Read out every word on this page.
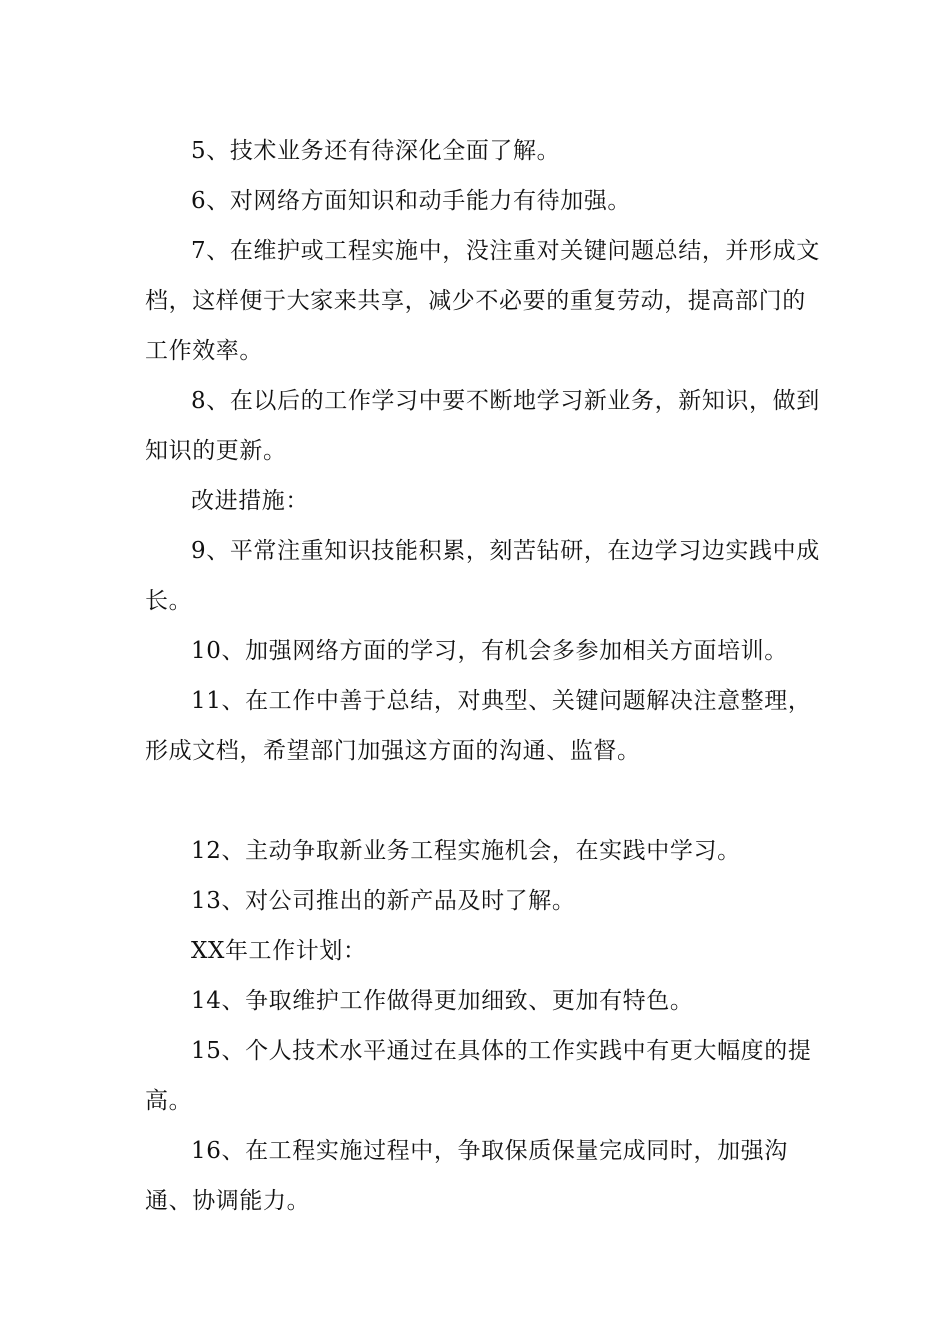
5、技术业务还有待深化全面了解。

6、对网络方面知识和动手能力有待加强。

7、在维护或工程实施中，没注重对关键问题总结，并形成文档，这样便于大家来共享，减少不必要的重复劳动，提高部门的工作效率。

8、在以后的工作学习中要不断地学习新业务，新知识，做到知识的更新。

改进措施：

9、平常注重知识技能积累，刻苦钻研，在边学习边实践中成长。

10、加强网络方面的学习，有机会多参加相关方面培训。

11、在工作中善于总结，对典型、关键问题解决注意整理，形成文档，希望部门加强这方面的沟通、监督。

12、主动争取新业务工程实施机会，在实践中学习。

13、对公司推出的新产品及时了解。

XX年工作计划：

14、争取维护工作做得更加细致、更加有特色。

15、个人技术水平通过在具体的工作实践中有更大幅度的提高。

16、在工程实施过程中，争取保质保量完成同时，加强沟通、协调能力。
